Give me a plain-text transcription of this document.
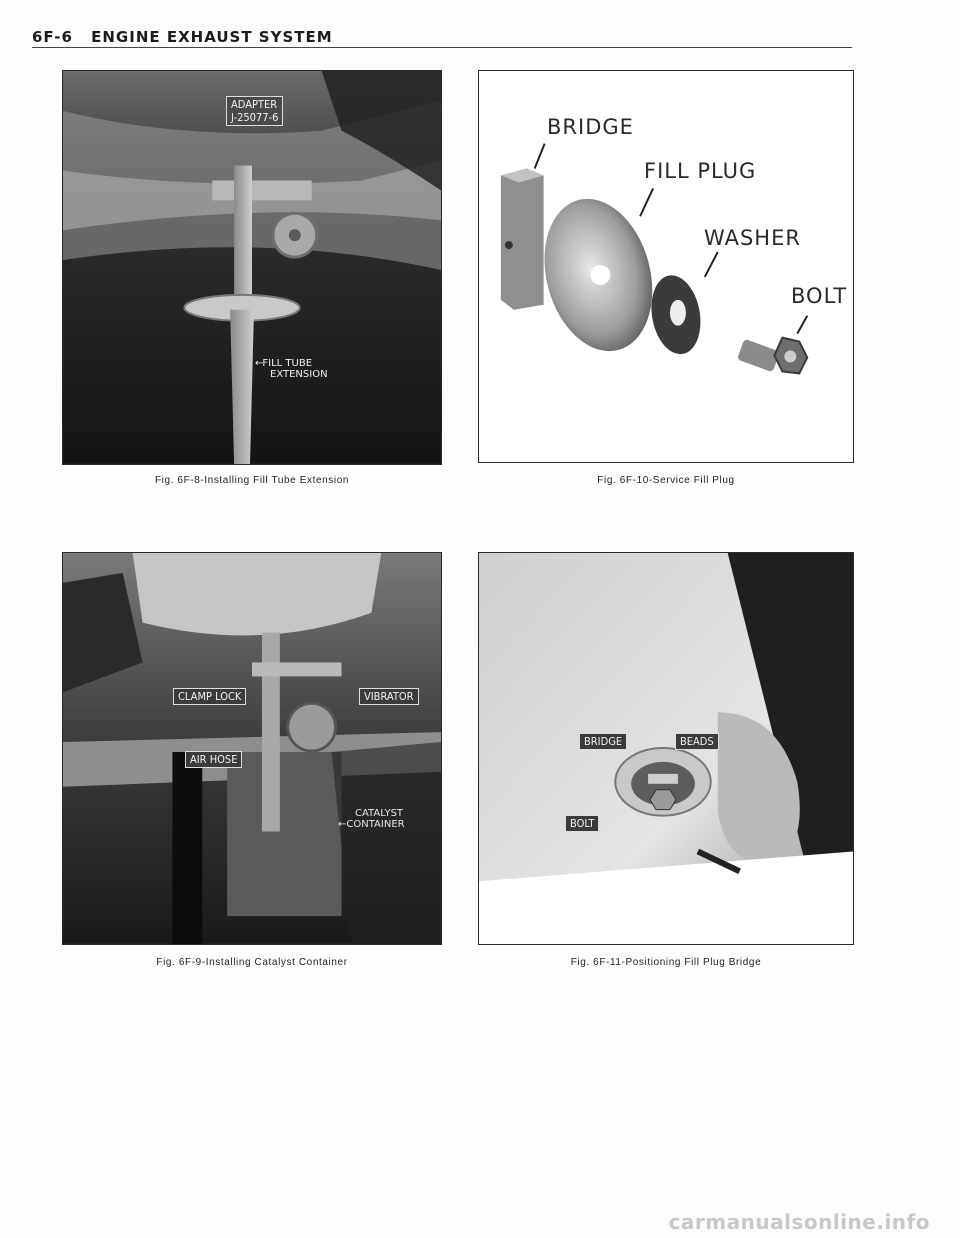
6F-6 ENGINE EXHAUST SYSTEM
ADAPTER
J-25077-6
←FILL TUBE
EXTENSION
Fig. 6F-8-Installing Fill Tube Extension
BRIDGE
FILL PLUG
WASHER
BOLT
Fig. 6F-10-Service Fill Plug
CLAMP LOCK	VIBRATOR
AIR HOSE
CATALYST
←CONTAINER
Fig. 6F-9-Installing Catalyst Container
BRIDGE	BEADS
BOLT
Fig. 6F-11-Positioning Fill Plug Bridge
carmanualsonline.info
